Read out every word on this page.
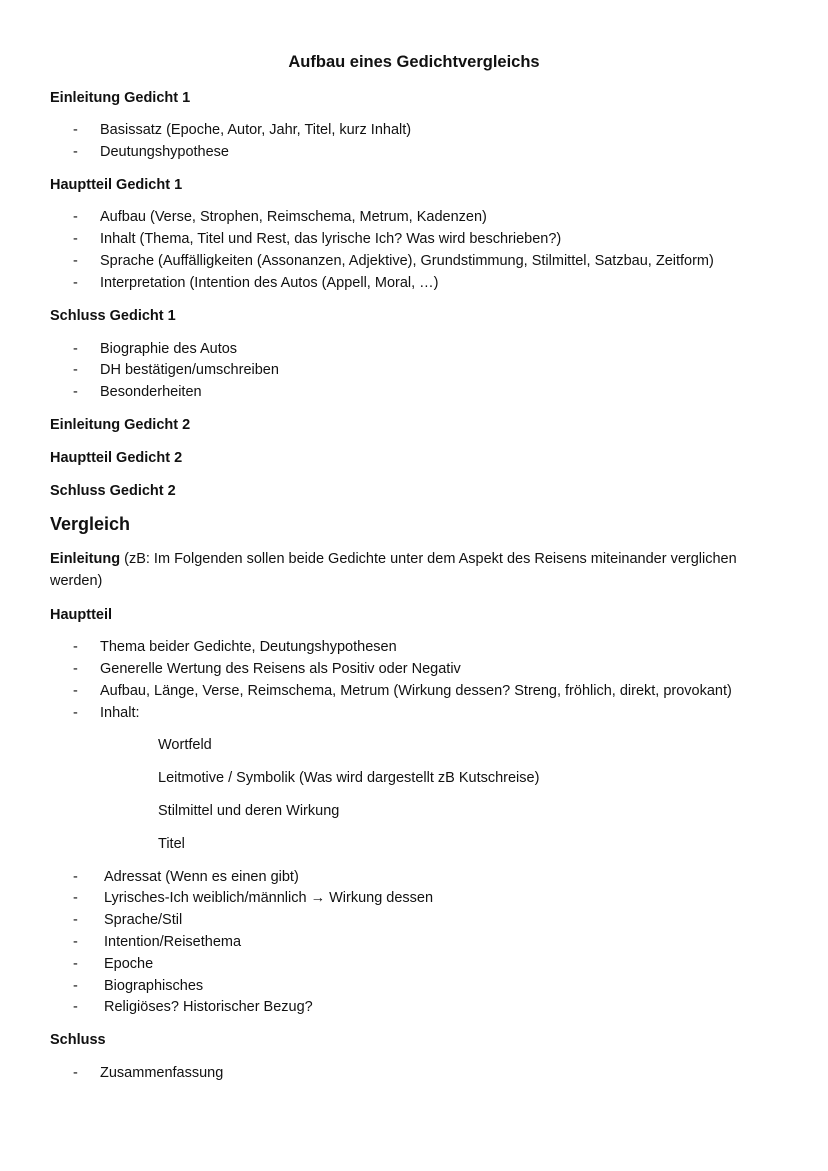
Aufbau eines Gedichtvergleichs
Einleitung Gedicht 1
- Basissatz (Epoche, Autor, Jahr, Titel, kurz Inhalt)
- Deutungshypothese
Hauptteil Gedicht 1
- Aufbau (Verse, Strophen, Reimschema, Metrum, Kadenzen)
- Inhalt (Thema, Titel und Rest, das lyrische Ich? Was wird beschrieben?)
- Sprache (Auffälligkeiten (Assonanzen, Adjektive), Grundstimmung, Stilmittel, Satzbau, Zeitform)
- Interpretation (Intention des Autos (Appell, Moral, …)
Schluss Gedicht 1
- Biographie des Autos
- DH bestätigen/umschreiben
- Besonderheiten
Einleitung Gedicht 2
Hauptteil Gedicht 2
Schluss Gedicht 2
Vergleich
Einleitung (zB: Im Folgenden sollen beide Gedichte unter dem Aspekt des Reisens miteinander verglichen werden)
Hauptteil
- Thema beider Gedichte, Deutungshypothesen
- Generelle Wertung des Reisens als Positiv oder Negativ
- Aufbau, Länge, Verse, Reimschema, Metrum (Wirkung dessen? Streng, fröhlich, direkt, provokant)
- Inhalt:
Wortfeld
Leitmotive / Symbolik (Was wird dargestellt zB Kutschreise)
Stilmittel und deren Wirkung
Titel
- Adressat (Wenn es einen gibt)
- Lyrisches-Ich weiblich/männlich → Wirkung dessen
- Sprache/Stil
- Intention/Reisethema
- Epoche
- Biographisches
- Religiöses? Historischer Bezug?
Schluss
- Zusammenfassung
